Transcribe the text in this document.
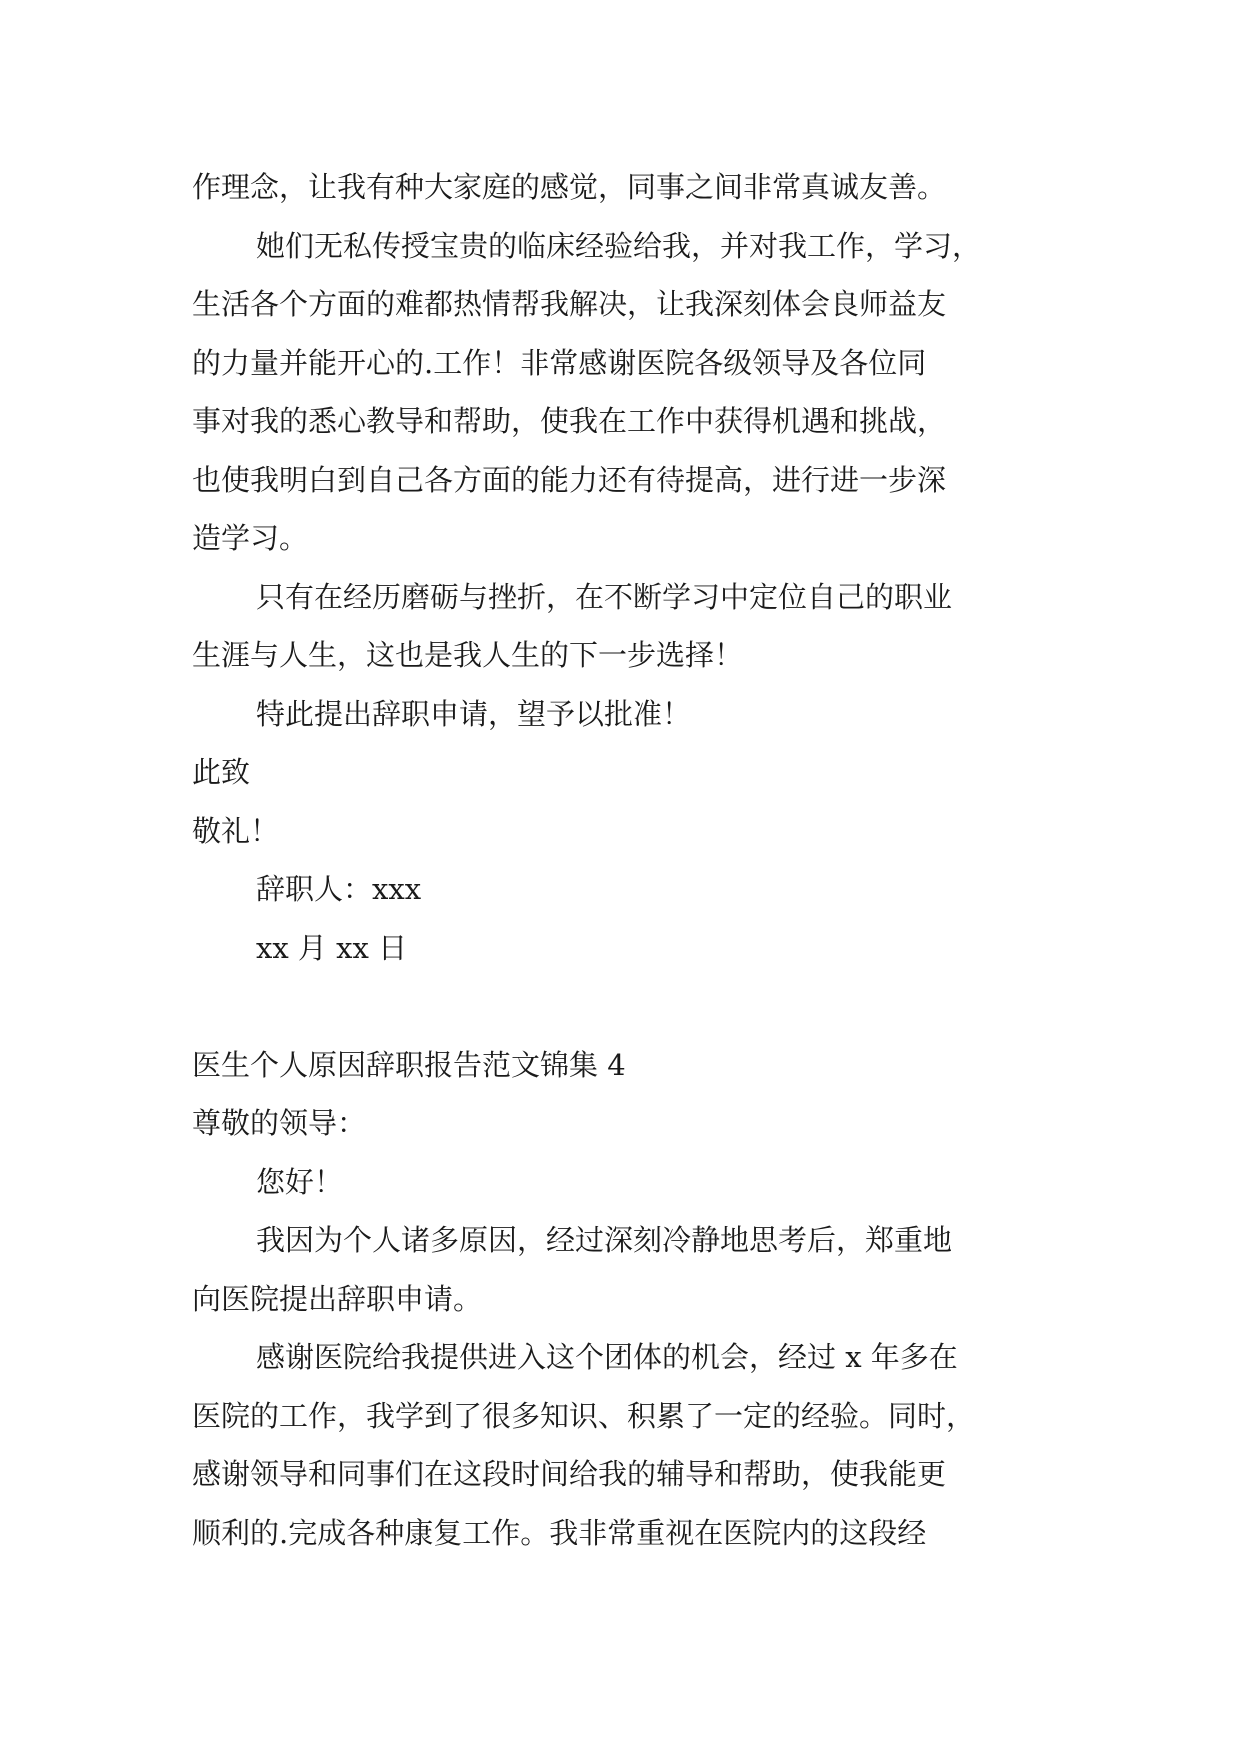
作理念，让我有种大家庭的感觉，同事之间非常真诚友善。
她们无私传授宝贵的临床经验给我，并对我工作，学习，
生活各个方面的难都热情帮我解决，让我深刻体会良师益友
的力量并能开心的.工作！非常感谢医院各级领导及各位同
事对我的悉心教导和帮助，使我在工作中获得机遇和挑战，
也使我明白到自己各方面的能力还有待提高，进行进一步深
造学习。
只有在经历磨砺与挫折，在不断学习中定位自己的职业
生涯与人生，这也是我人生的下一步选择！
特此提出辞职申请，望予以批准！
此致
敬礼！
辞职人：xxx
xx 月 xx 日
医生个人原因辞职报告范文锦集 4
尊敬的领导：
您好！
我因为个人诸多原因，经过深刻冷静地思考后，郑重地
向医院提出辞职申请。
感谢医院给我提供进入这个团体的机会，经过 x 年多在
医院的工作，我学到了很多知识、积累了一定的经验。同时，
感谢领导和同事们在这段时间给我的辅导和帮助，使我能更
顺利的.完成各种康复工作。我非常重视在医院内的这段经
